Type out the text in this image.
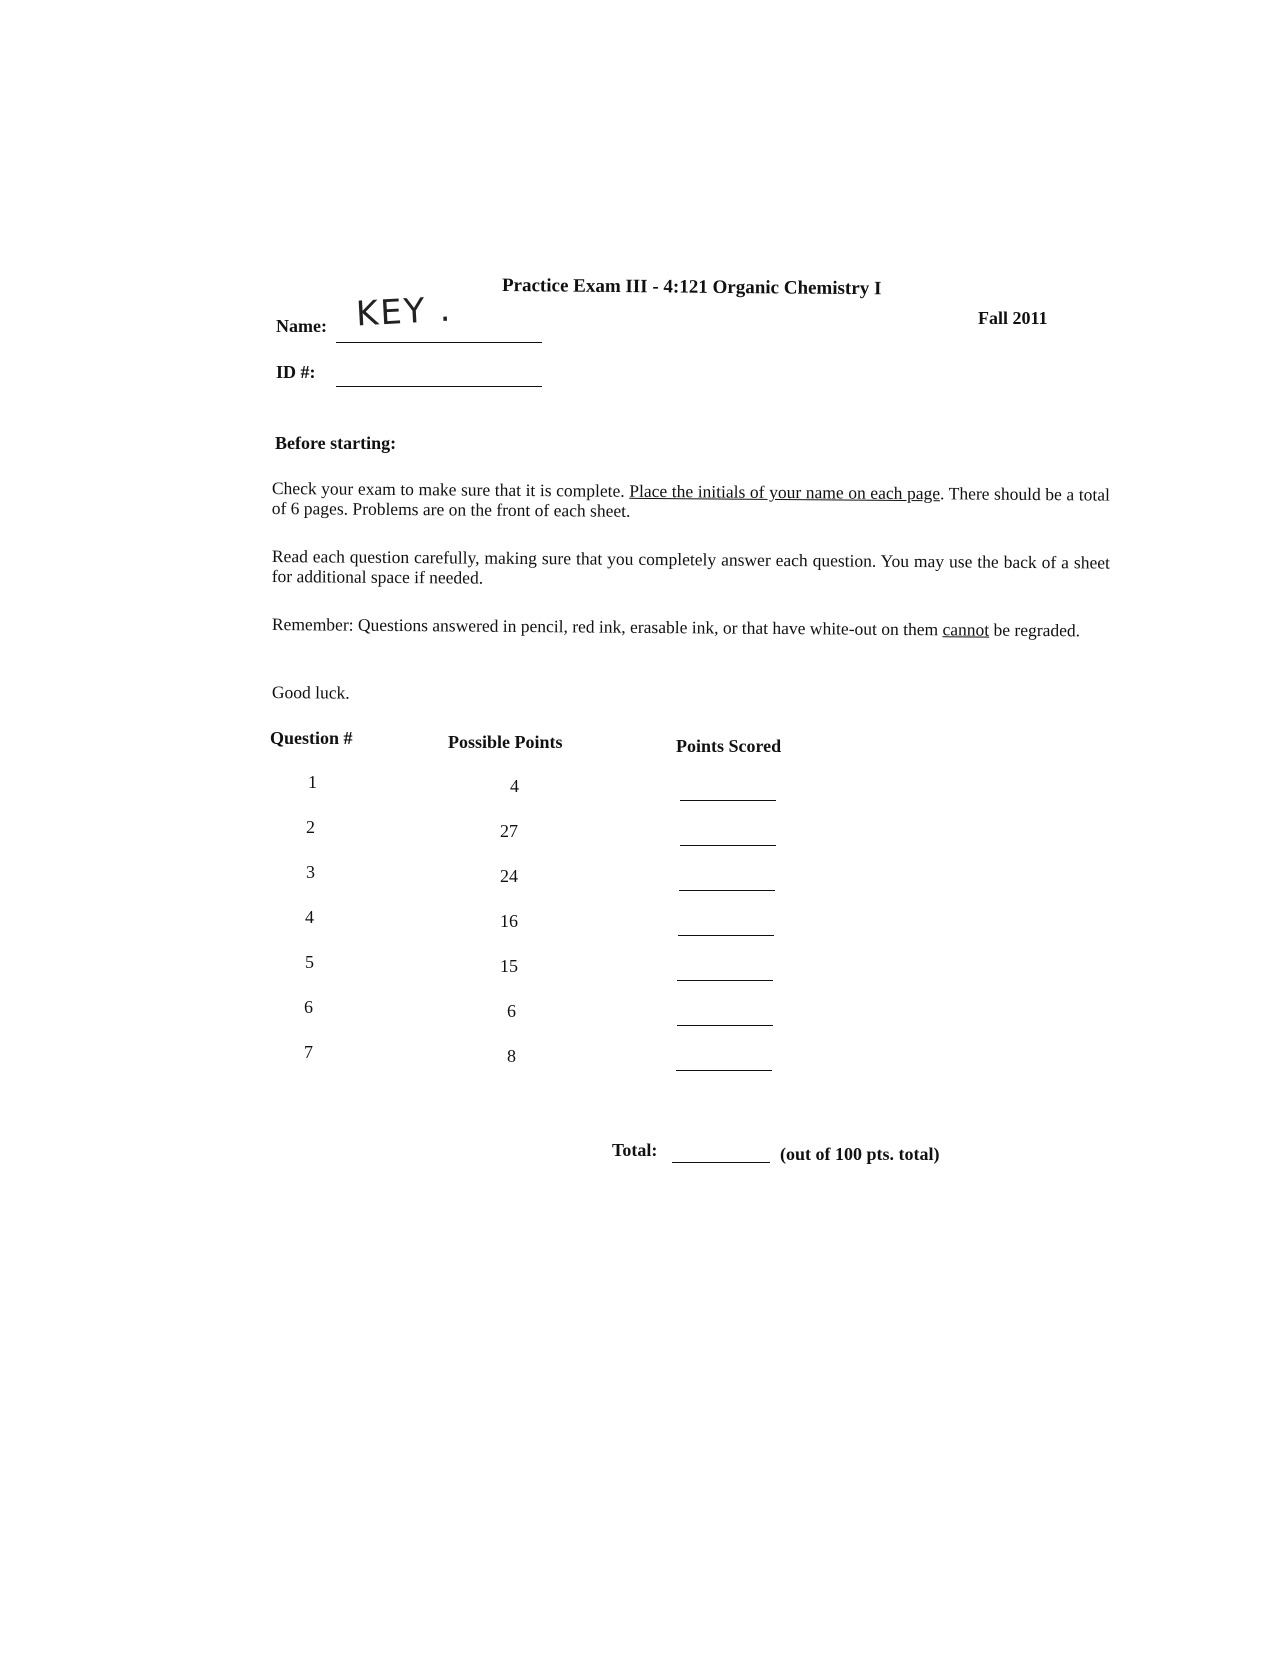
Practice Exam III - 4:121 Organic Chemistry I
Fall 2011
Name: KEY .
ID #:
Before starting:
Check your exam to make sure that it is complete. Place the initials of your name on each page. There should be a total of 6 pages. Problems are on the front of each sheet.
Read each question carefully, making sure that you completely answer each question. You may use the back of a sheet for additional space if needed.
Remember: Questions answered in pencil, red ink, erasable ink, or that have white-out on them cannot be regraded.
Good luck.
Question #	Possible Points	Points Scored
1	4
2	27
3	24
4	16
5	15
6	6
7	8
Total:	(out of 100 pts. total)
